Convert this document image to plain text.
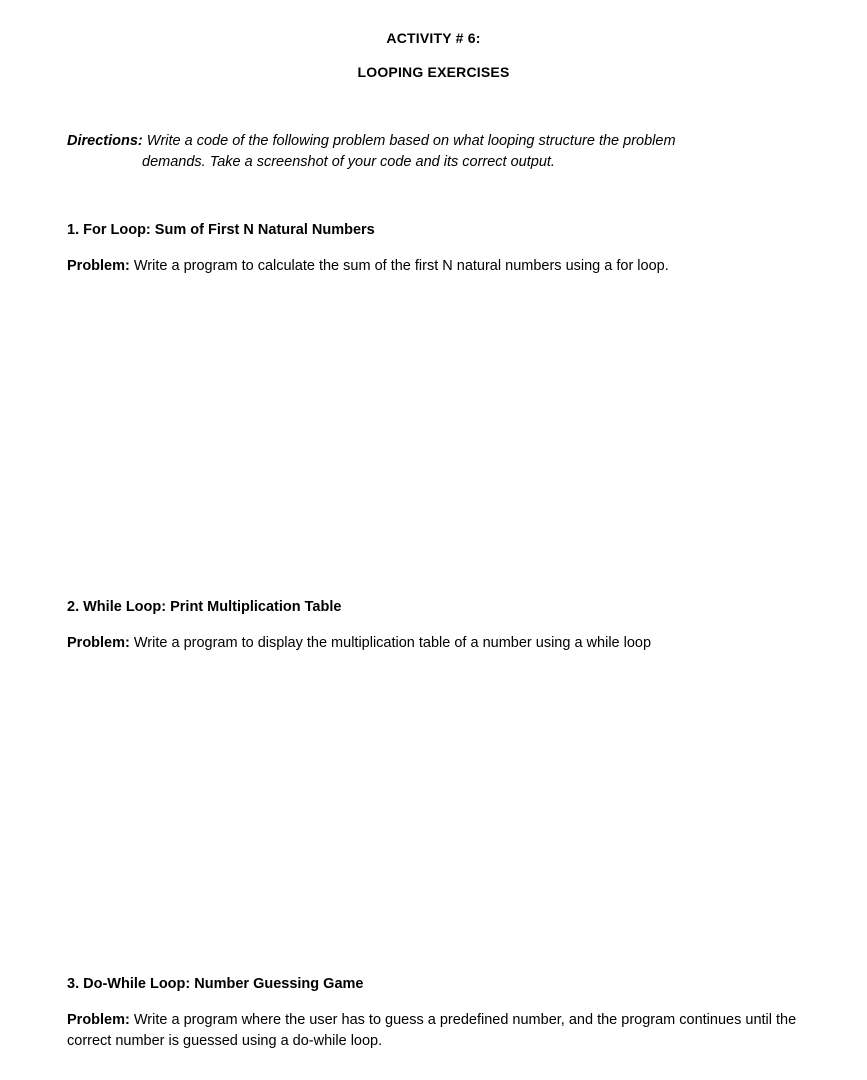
ACTIVITY # 6:
LOOPING EXERCISES
Directions: Write a code of the following problem based on what looping structure the problem
demands. Take a screenshot of your code and its correct output.
1. For Loop: Sum of First N Natural Numbers
Problem: Write a program to calculate the sum of the first N natural numbers using a for loop.
2. While Loop: Print Multiplication Table
Problem: Write a program to display the multiplication table of a number using a while loop
3. Do-While Loop: Number Guessing Game
Problem: Write a program where the user has to guess a predefined number, and the program continues until the correct number is guessed using a do-while loop.
